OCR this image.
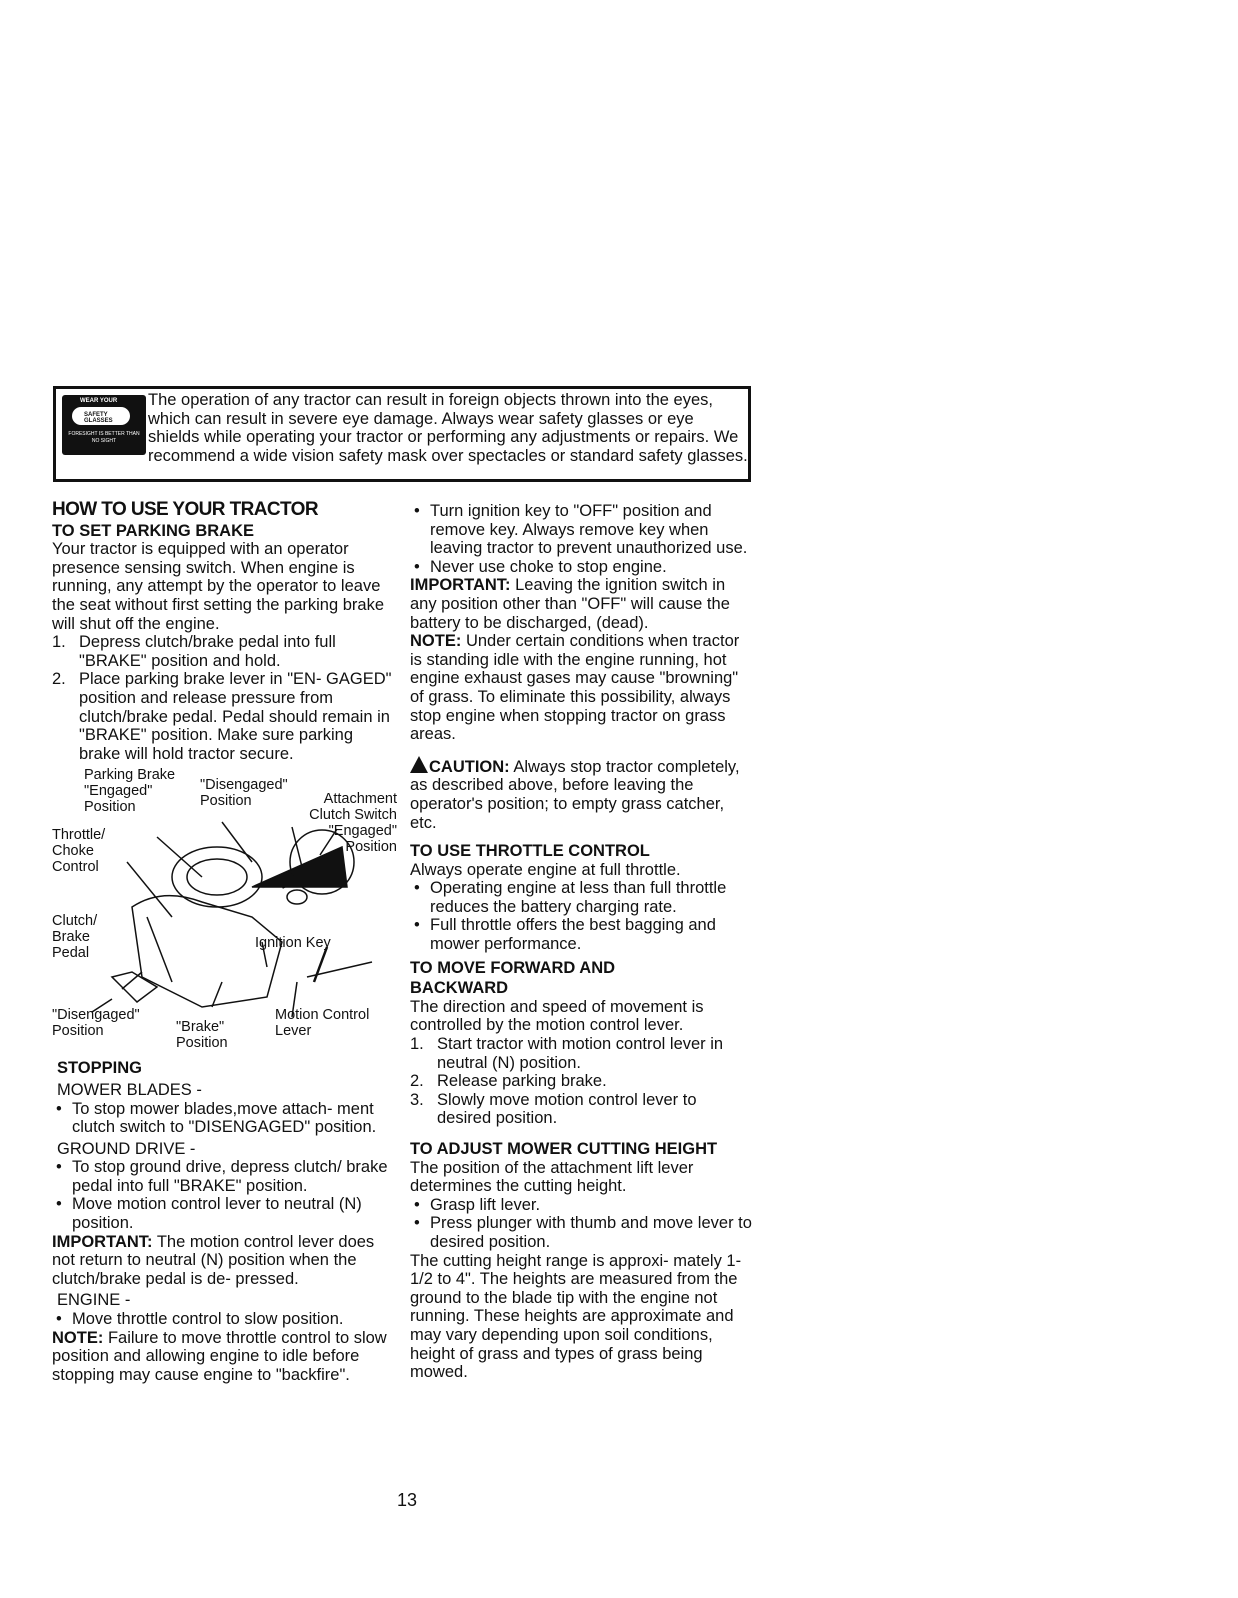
WEAR YOUR
SAFETY GLASSES
FORESIGHT IS BETTER THAN NO SIGHT
The operation of any tractor can result in foreign objects thrown into the eyes, which can result in severe eye damage. Always wear safety glasses or eye shields while operating your tractor or performing any adjustments or repairs. We recommend a wide vision safety mask over spectacles or standard safety glasses.
HOW TO USE YOUR TRACTOR
TO SET PARKING BRAKE

Your tractor is equipped with an operator presence sensing switch. When engine is running, any attempt by the operator to leave the seat without first setting the parking brake will shut off the engine.

1. Depress clutch/brake pedal into full "BRAKE" position and hold.
2. Place parking brake lever in "EN- GAGED" position and release pressure from clutch/brake pedal. Pedal should remain in "BRAKE" position. Make sure parking brake will hold tractor secure.
Parking Brake "Engaged" Position
"Disengaged" Position	Attachment Clutch Switch "Engaged" Position
Throttle/ Choke Control
Clutch/ Brake Pedal
Ignition Key
"Disengaged" Position	"Brake" Position
Motion Control Lever
STOPPING

MOWER BLADES -

• To stop mower blades,move attach- ment clutch switch to "DISENGAGED" position.

GROUND DRIVE -

• To stop ground drive, depress clutch/ brake pedal into full "BRAKE" position.
• Move motion control lever to neutral (N) position.

IMPORTANT: The motion control lever does not return to neutral (N) position when the clutch/brake pedal is de- pressed.

ENGINE -

• Move throttle control to slow position.

NOTE: Failure to move throttle control to slow position and allowing engine to idle before stopping may cause engine to "backfire".

• Turn ignition key to "OFF" position and remove key. Always remove key when leaving tractor to prevent unauthorized use.
• Never use choke to stop engine.

IMPORTANT: Leaving the ignition switch in any position other than "OFF" will cause the battery to be discharged, (dead).

NOTE: Under certain conditions when tractor is standing idle with the engine running, hot engine exhaust gases may cause "browning" of grass. To eliminate this possibility, always stop engine when stopping tractor on grass areas.

CAUTION: Always stop tractor completely, as described above, before leaving the operator's position; to empty grass catcher, etc.

TO USE THROTTLE CONTROL

Always operate engine at full throttle.

• Operating engine at less than full throttle reduces the battery charging rate.
• Full throttle offers the best bagging and mower performance.
TO MOVE FORWARD AND
BACKWARD

The direction and speed of movement is controlled by the motion control lever.

1. Start tractor with motion control lever in neutral (N) position.
2. Release parking brake.
3. Slowly move motion control lever to desired position.
TO ADJUST MOWER CUTTING HEIGHT

The position of the attachment lift lever determines the cutting height.

• Grasp lift lever.
• Press plunger with thumb and move lever to desired position.

The cutting height range is approxi- mately 1-1/2 to 4". The heights are measured from the ground to the blade tip with the engine not running. These heights are approximate and may vary depending upon soil conditions, height of grass and types of grass being mowed.

13
